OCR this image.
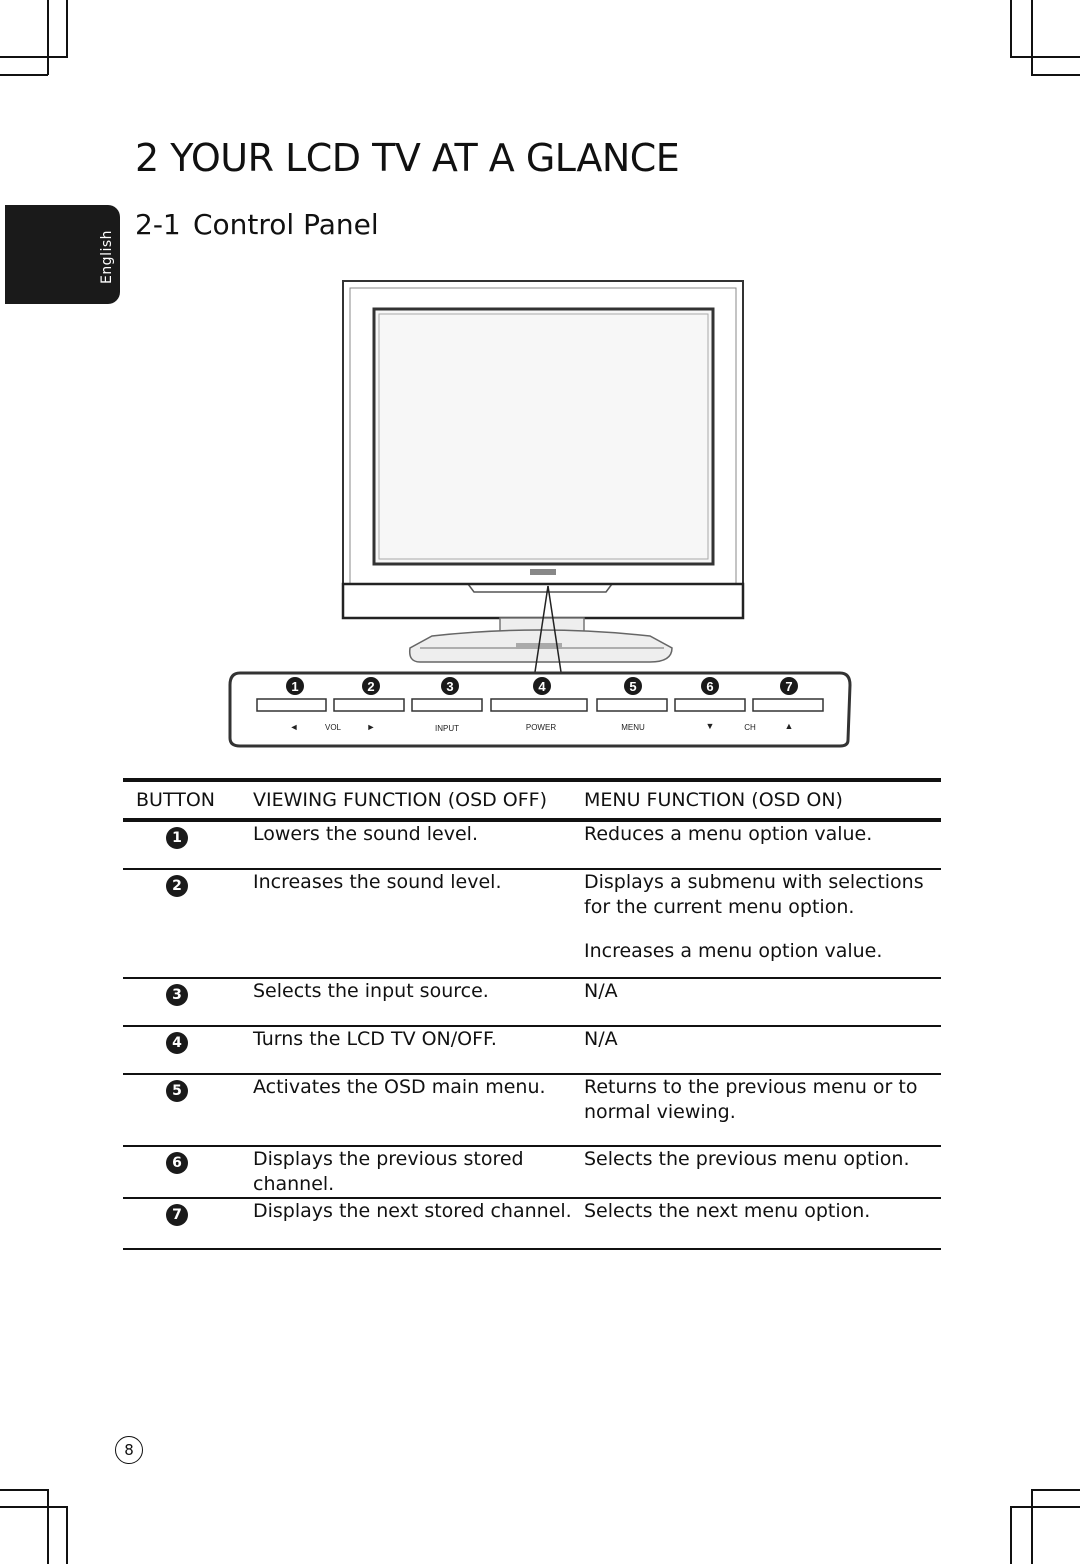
English
2 YOUR LCD TV AT A GLANCE
2-1 Control Panel
1	2	3	4	5	6	7
◄	VOL	►	INPUT	POWER	MENU	▼	CH	▲
BUTTON	VIEWING FUNCTION (OSD OFF)	MENU FUNCTION (OSD ON)

1	Lowers the sound level.	Reduces a menu option value.

2	Increases the sound level.	Displays a submenu with selections for the current menu option.

Increases a menu option value.

3	Selects the input source.	N/A

4	Turns the LCD TV ON/OFF.	N/A

5	Activates the OSD main menu.	Returns to the previous menu or to normal viewing.

6	Displays the previous stored channel.	Selects the previous menu option.

7	Displays the next stored channel.	Selects the next menu option.

8
